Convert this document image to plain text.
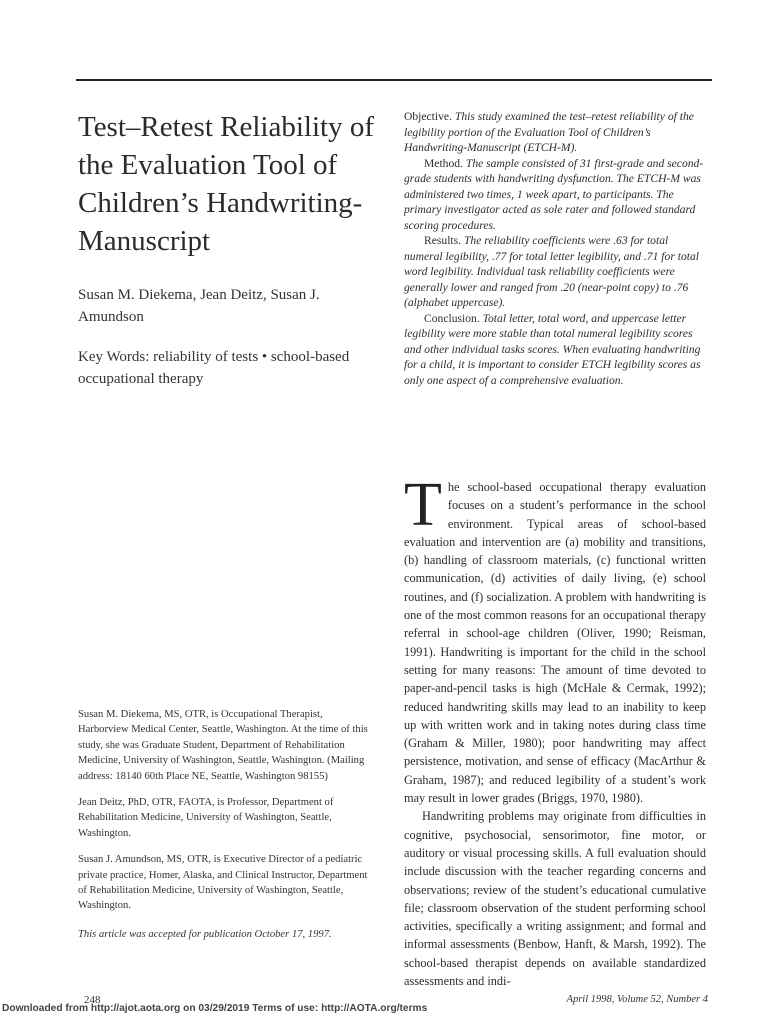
Test–Retest Reliability of the Evaluation Tool of Children’s Handwriting-Manuscript
Susan M. Diekema, Jean Deitz, Susan J. Amundson
Key Words: reliability of tests • school-based occupational therapy

Objective. This study examined the test–retest reliability of the legibility portion of the Evaluation Tool of Children’s Handwriting-Manuscript (ETCH-M).

Method. The sample consisted of 31 first-grade and second-grade students with handwriting dysfunction. The ETCH-M was administered two times, 1 week apart, to participants. The primary investigator acted as sole rater and followed standard scoring procedures.

Results. The reliability coefficients were .63 for total numeral legibility, .77 for total letter legibility, and .71 for total word legibility. Individual task reliability coefficients were generally lower and ranged from .20 (near-point copy) to .76 (alphabet uppercase).

Conclusion. Total letter, total word, and uppercase letter legibility were more stable than total numeral legibility scores and other individual tasks scores. When evaluating handwriting for a child, it is important to consider ETCH legibility scores as only one aspect of a comprehensive evaluation.

Susan M. Diekema, MS, OTR, is Occupational Therapist, Harborview Medical Center, Seattle, Washington. At the time of this study, she was Graduate Student, Department of Rehabilitation Medicine, University of Washington, Seattle, Washington. (Mailing address: 18140 60th Place NE, Seattle, Washington 98155)

Jean Deitz, PhD, OTR, FAOTA, is Professor, Department of Rehabilitation Medicine, University of Washington, Seattle, Washington.

Susan J. Amundson, MS, OTR, is Executive Director of a pediatric private practice, Homer, Alaska, and Clinical Instructor, Department of Rehabilitation Medicine, University of Washington, Seattle, Washington.

This article was accepted for publication October 17, 1997.

The school-based occupational therapy evaluation focuses on a student’s performance in the school environment. Typical areas of school-based evaluation and intervention are (a) mobility and transitions, (b) handling of classroom materials, (c) functional written communication, (d) activities of daily living, (e) school routines, and (f) socialization. A problem with handwriting is one of the most common reasons for an occupational therapy referral in school-age children (Oliver, 1990; Reisman, 1991). Handwriting is important for the child in the school setting for many reasons: The amount of time devoted to paper-and-pencil tasks is high (McHale & Cermak, 1992); reduced handwriting skills may lead to an inability to keep up with written work and in taking notes during class time (Graham & Miller, 1980); poor handwriting may affect persistence, motivation, and sense of efficacy (MacArthur & Graham, 1987); and reduced legibility of a student’s work may result in lower grades (Briggs, 1970, 1980).

Handwriting problems may originate from difficulties in cognitive, psychosocial, sensorimotor, fine motor, or auditory or visual processing skills. A full evaluation should include discussion with the teacher regarding concerns and observations; review of the student’s educational cumulative file; classroom observation of the student performing school activities, specifically a writing assignment; and formal and informal assessments (Benbow, Hanft, & Marsh, 1992). The school-based therapist depends on available standardized assessments and indi-

248	April 1998, Volume 52, Number 4
Downloaded from http://ajot.aota.org on 03/29/2019 Terms of use: http://AOTA.org/terms
